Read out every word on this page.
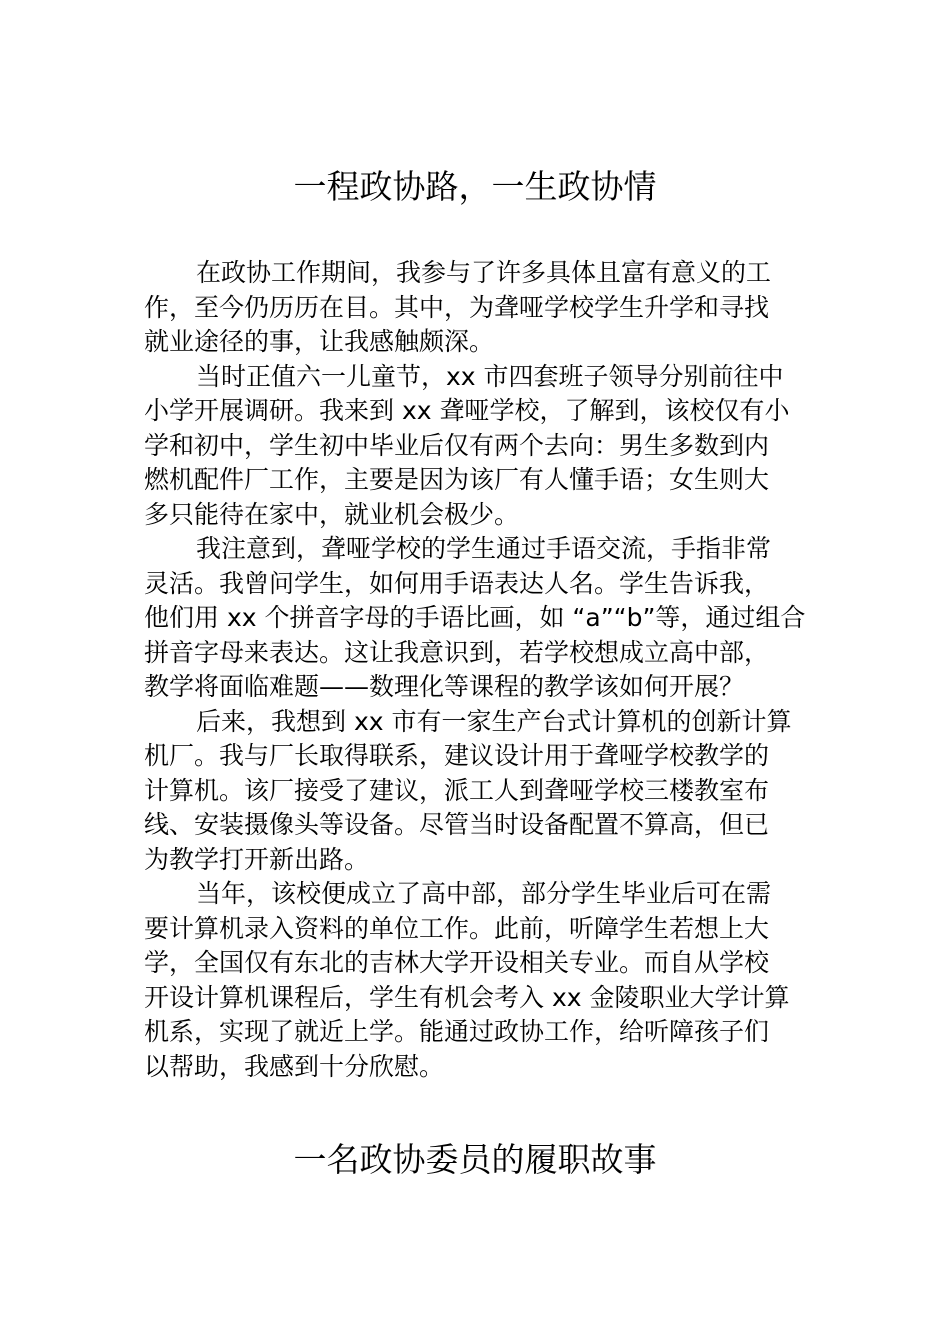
一程政协路，一生政协情
在政协工作期间，我参与了许多具体且富有意义的工
作，至今仍历历在目。其中，为聋哑学校学生升学和寻找
就业途径的事，让我感触颇深。
当时正值六一儿童节，xx 市四套班子领导分别前往中
小学开展调研。我来到 xx 聋哑学校，了解到，该校仅有小
学和初中，学生初中毕业后仅有两个去向：男生多数到内
燃机配件厂工作，主要是因为该厂有人懂手语；女生则大
多只能待在家中，就业机会极少。
我注意到，聋哑学校的学生通过手语交流，手指非常
灵活。我曾问学生，如何用手语表达人名。学生告诉我，
他们用 xx 个拼音字母的手语比画，如 “a”“b”等，通过组合
拼音字母来表达。这让我意识到，若学校想成立高中部，
教学将面临难题——数理化等课程的教学该如何开展？
后来，我想到 xx 市有一家生产台式计算机的创新计算
机厂。我与厂长取得联系，建议设计用于聋哑学校教学的
计算机。该厂接受了建议，派工人到聋哑学校三楼教室布
线、安装摄像头等设备。尽管当时设备配置不算高，但已
为教学打开新出路。
当年，该校便成立了高中部，部分学生毕业后可在需
要计算机录入资料的单位工作。此前，听障学生若想上大
学，全国仅有东北的吉林大学开设相关专业。而自从学校
开设计算机课程后，学生有机会考入 xx 金陵职业大学计算
机系，实现了就近上学。能通过政协工作，给听障孩子们
以帮助，我感到十分欣慰。
一名政协委员的履职故事
